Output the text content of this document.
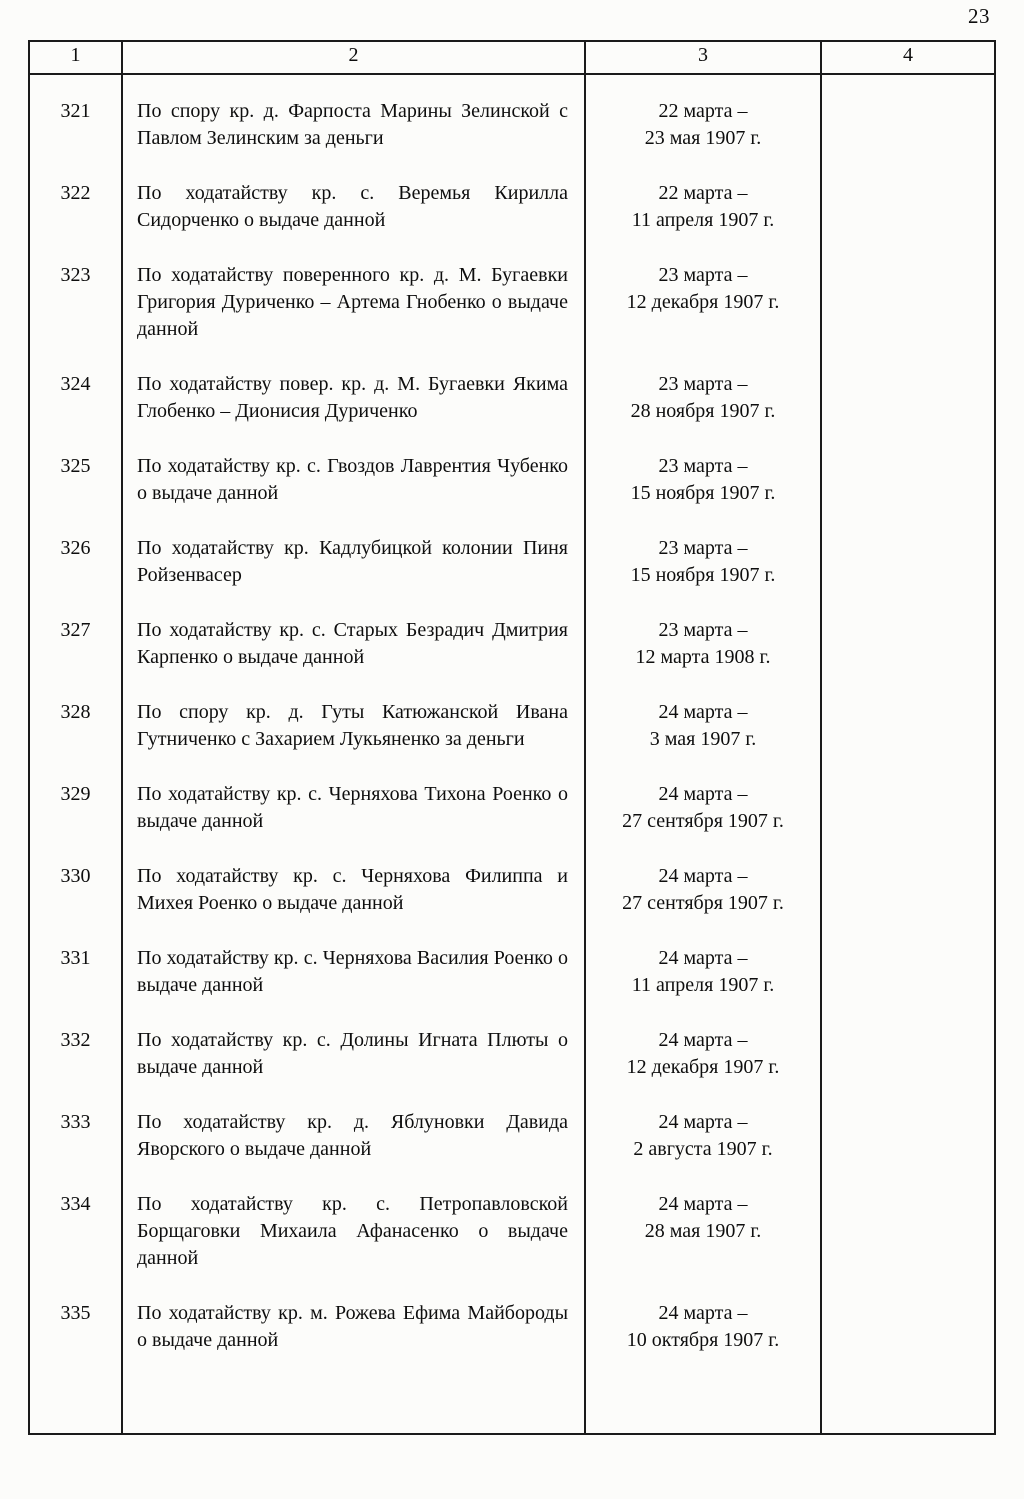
23
1	2	3	4
321	По спору кр. д. Фарпоста Марины Зелинской с Павлом Зелинским за деньги	22 марта –
23 мая 1907 г.	

322	По ходатайству кр. с. Веремья Кирилла Сидорченко о выдаче данной	22 марта –
11 апреля 1907 г.	

323	По ходатайству поверенного кр. д. М. Бугаевки Григория Дуриченко – Артема Гнобенко о выдаче данной	23 марта –
12 декабря 1907 г.	

324	По ходатайству повер. кр. д. М. Бугаевки Якима Глобенко – Дионисия Дуриченко	23 марта –
28 ноября 1907 г.	

325	По ходатайству кр. с. Гвоздов Лаврентия Чубенко о выдаче данной	23 марта –
15 ноября 1907 г.	

326	По ходатайству кр. Кадлубицкой колонии Пиня Ройзенвасер	23 марта –
15 ноября 1907 г.	

327	По ходатайству кр. с. Старых Безрадич Дмитрия Карпенко о выдаче данной	23 марта –
12 марта 1908 г.	

328	По спору кр. д. Гуты Катюжанской Ивана Гутниченко с Захарием Лукьяненко за деньги	24 марта –
3 мая 1907 г.	

329	По ходатайству кр. с. Черняхова Тихона Роенко о выдаче данной	24 марта –
27 сентября 1907 г.	

330	По ходатайству кр. с. Черняхова Филиппа и Михея Роенко о выдаче данной	24 марта –
27 сентября 1907 г.	

331	По ходатайству кр. с. Черняхова Василия Роенко о выдаче данной	24 марта –
11 апреля 1907 г.	

332	По ходатайству кр. с. Долины Игната Плюты о выдаче данной	24 марта –
12 декабря 1907 г.	

333	По ходатайству кр. д. Яблуновки Давида Яворского о выдаче данной	24 марта –
2 августа 1907 г.	

334	По ходатайству кр. с. Петропавловской Борщаговки Михаила Афанасенко о выдаче данной	24 марта –
28 мая 1907 г.	

335	По ходатайству кр. м. Рожева Ефима Майбороды о выдаче данной	24 марта –
10 октября 1907 г.	
